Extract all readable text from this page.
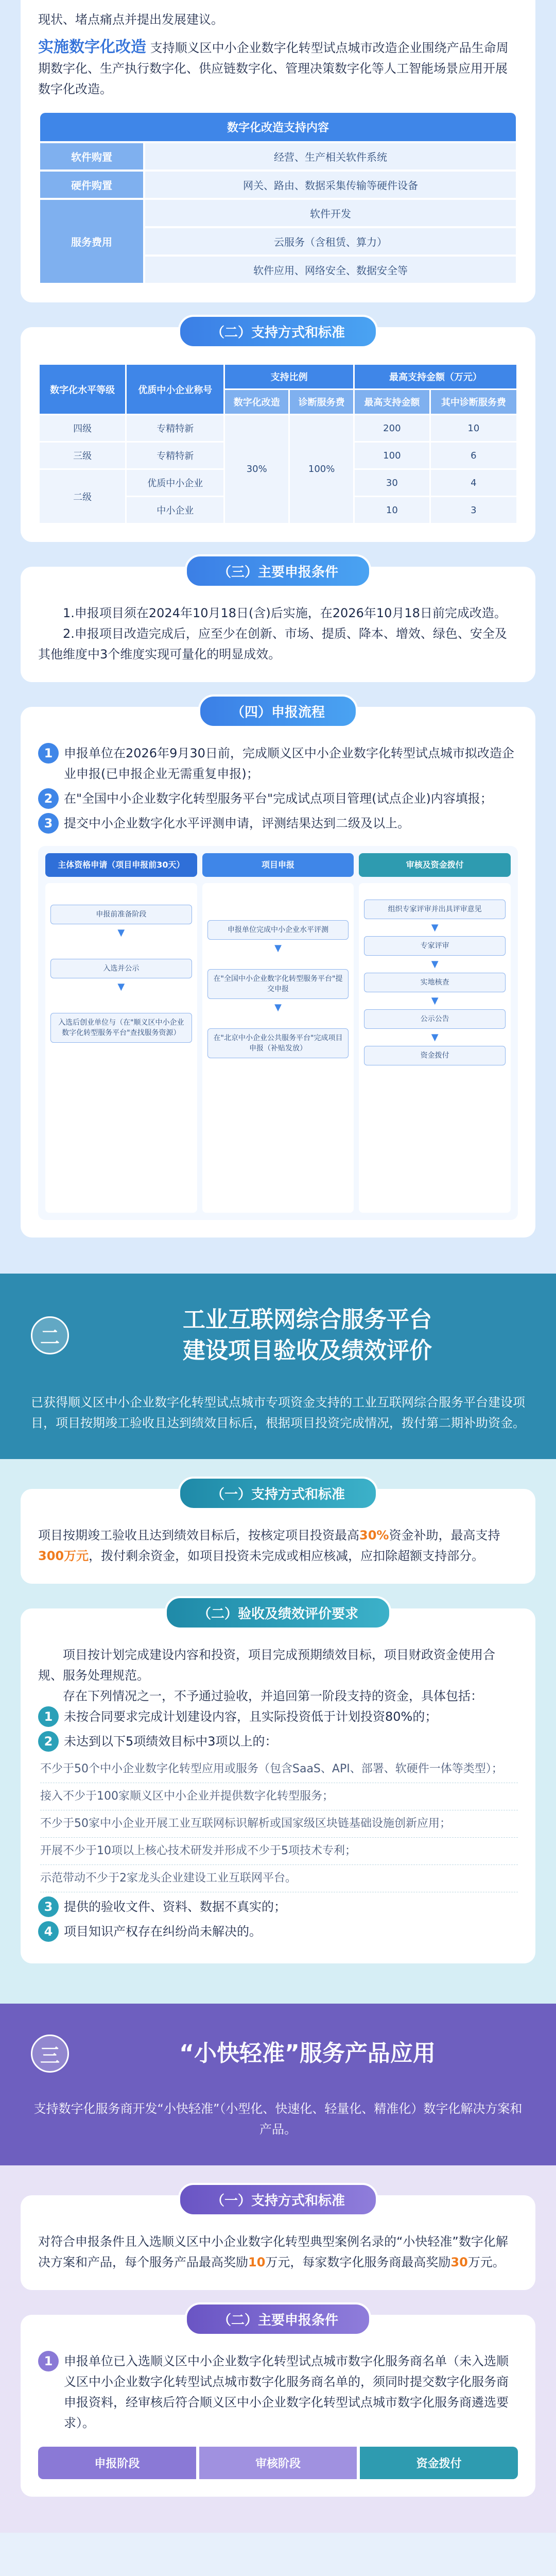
现状、堵点痛点并提出发展建议。
实施数字化改造 支持顺义区中小企业数字化转型试点城市改造企业围绕产品生命周期数字化、生产执行数字化、供应链数字化、管理决策数字化等人工智能场景应用开展数字化改造。
数字化改造支持内容	
软件购置	经营、生产相关软件系统
硬件购置	网关、路由、数据采集传输等硬件设备
服务费用	软件开发
	云服务（含租赁、算力）
	软件应用、网络安全、数据安全等
（二）支持方式和标准
数字化水平等级	优质中小企业称号	支持比例		最高支持金额（万元）	
		数字化改造	诊断服务费	最高支持金额	其中诊断服务费
四级	专精特新	30%	100%	200	10
三级	专精特新			100	6
二级	优质中小企业			30	4
	中小企业			10	3
（三）主要申报条件

1.申报项目须在2024年10月18日(含)后实施，在2026年10月18日前完成改造。

2.申报项目改造完成后，应至少在创新、市场、提质、降本、增效、绿色、安全及其他维度中3个维度实现可量化的明显成效。

（四）申报流程
1 申报单位在2026年9月30日前，完成顺义区中小企业数字化转型试点城市拟改造企业申报(已申报企业无需重复申报)；
2 在"全国中小企业数字化转型服务平台"完成试点项目管理(试点企业)内容填报；
3 提交中小企业数字化水平评测申请，评测结果达到二级及以上。
主体资格申请（项目申报前30天）	项目申报	审核及资金拨付
申报前准备阶段
▼
入选并公示
▼
入选后创业单位与（在"顺义区中小企业数字化转型服务平台"查找服务资源）
申报单位完成中小企业水平评测
▼
在"全国中小企业数字化转型服务平台"提交申报
▼
在"北京中小企业公共服务平台"完成项目申报（补贴发放）
组织专家评审并出具评审意见
▼
专家评审
▼
实地核查
▼
公示公告
▼
资金拨付
二
工业互联网综合服务平台
建设项目验收及绩效评价
已获得顺义区中小企业数字化转型试点城市专项资金支持的工业互联网综合服务平台建设项目，项目按期竣工验收且达到绩效目标后，根据项目投资完成情况，拨付第二期补助资金。
（一）支持方式和标准

项目按期竣工验收且达到绩效目标后，按核定项目投资最高30%资金补助，最高支持300万元，拨付剩余资金，如项目投资未完成或相应核减，应扣除超额支持部分。

（二）验收及绩效评价要求

项目按计划完成建设内容和投资，项目完成预期绩效目标，项目财政资金使用合规、服务处理规范。

存在下列情况之一，不予通过验收，并追回第一阶段支持的资金，具体包括：

1 未按合同要求完成计划建设内容，且实际投资低于计划投资80%的；
2 未达到以下5项绩效目标中3项以上的：
不少于50个中小企业数字化转型应用或服务（包含SaaS、API、部署、软硬件一体等类型）；
接入不少于100家顺义区中小企业并提供数字化转型服务；
不少于50家中小企业开展工业互联网标识解析或国家级区块链基础设施创新应用；
开展不少于10项以上核心技术研发并形成不少于5项技术专利；
示范带动不少于2家龙头企业建设工业互联网平台。
3 提供的验收文件、资料、数据不真实的；
4 项目知识产权存在纠纷尚未解决的。
三	“小快轻准”服务产品应用
支持数字化服务商开发“小快轻准”（小型化、快速化、轻量化、精准化）数字化解决方案和产品。
（一）支持方式和标准

对符合申报条件且入选顺义区中小企业数字化转型典型案例名录的“小快轻准”数字化解决方案和产品，每个服务产品最高奖励10万元，每家数字化服务商最高奖励30万元。

（二）主要申报条件
1 申报单位已入选顺义区中小企业数字化转型试点城市数字化服务商名单（未入选顺义区中小企业数字化转型试点城市数字化服务商名单的，须同时提交数字化服务商申报资料，经审核后符合顺义区中小企业数字化转型试点城市数字化服务商遴选要求）。
申报阶段	审核阶段	资金拨付
